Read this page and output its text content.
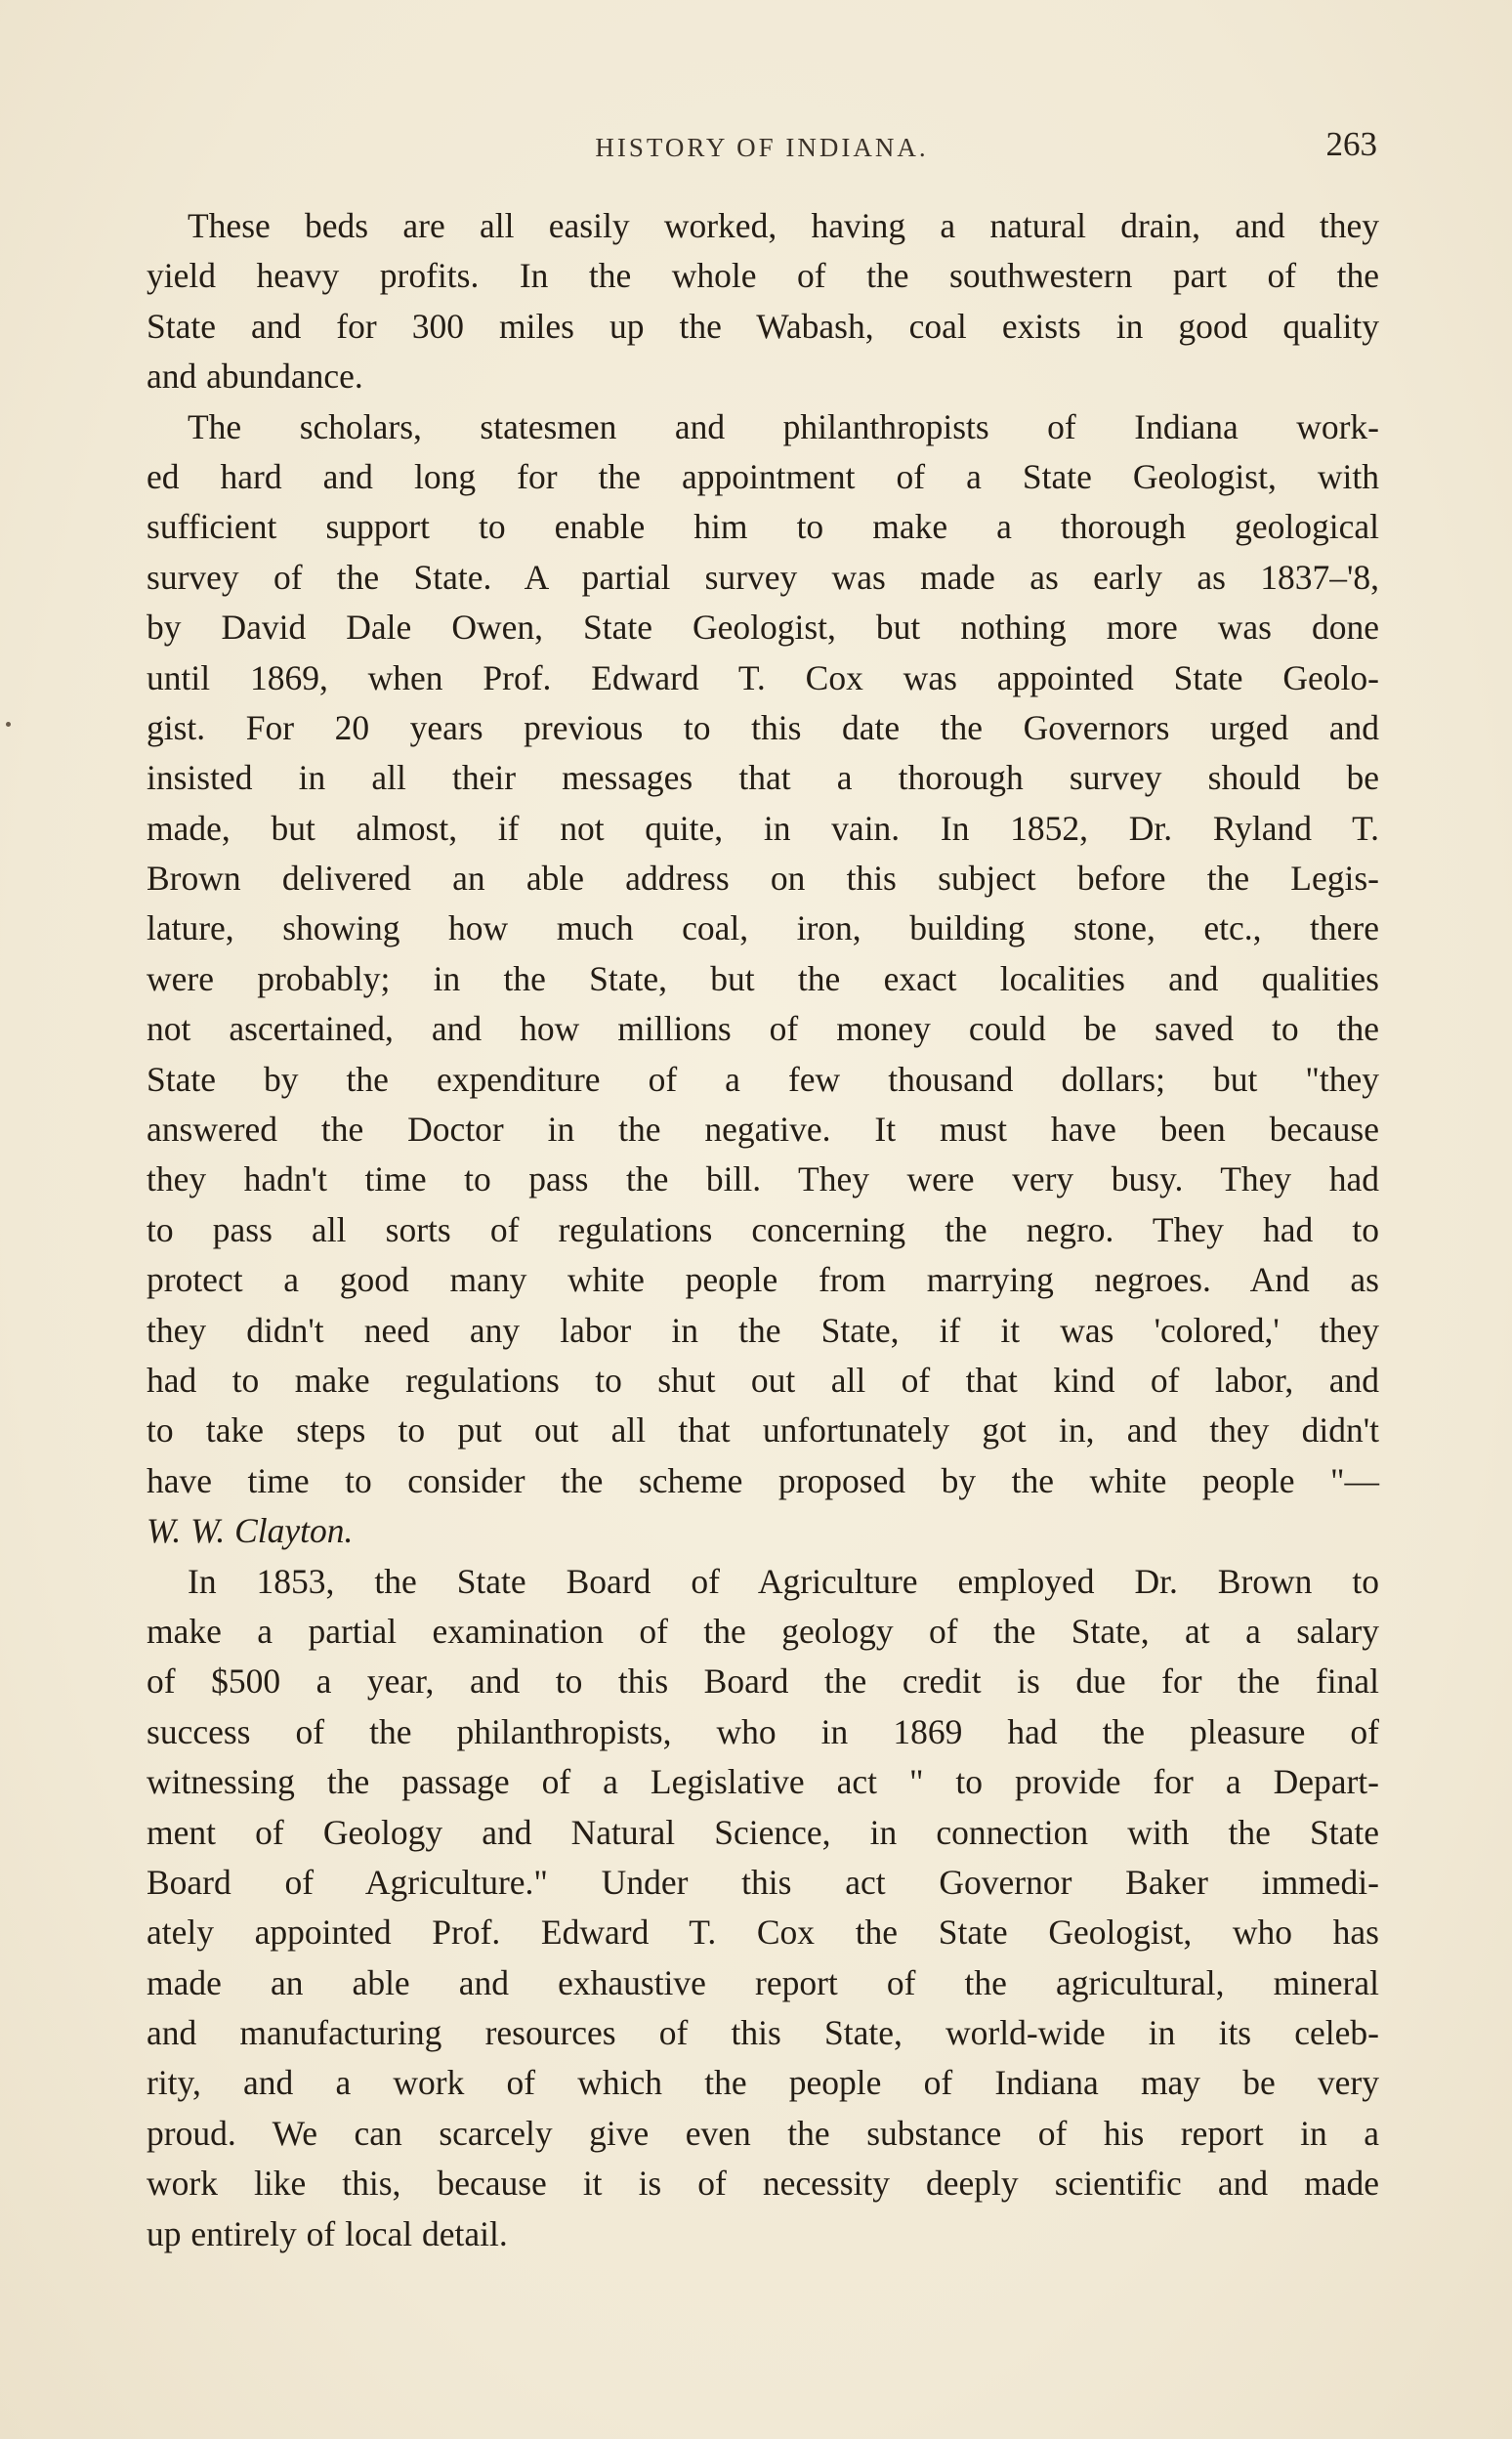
HISTORY OF INDIANA.	263
These beds are all easily worked, having a natural drain, and they
yield heavy profits. In the whole of the southwestern part of the
State and for 300 miles up the Wabash, coal exists in good quality
and abundance.
The scholars, statesmen and philanthropists of Indiana work-
ed hard and long for the appointment of a State Geologist, with
sufficient support to enable him to make a thorough geological
survey of the State. A partial survey was made as early as 1837–'8,
by David Dale Owen, State Geologist, but nothing more was done
until 1869, when Prof. Edward T. Cox was appointed State Geolo-
gist. For 20 years previous to this date the Governors urged and
insisted in all their messages that a thorough survey should be
made, but almost, if not quite, in vain. In 1852, Dr. Ryland T.
Brown delivered an able address on this subject before the Legis-
lature, showing how much coal, iron, building stone, etc., there
were probably; in the State, but the exact localities and qualities
not ascertained, and how millions of money could be saved to the
State by the expenditure of a few thousand dollars; but "they
answered the Doctor in the negative. It must have been because
they hadn't time to pass the bill. They were very busy. They had
to pass all sorts of regulations concerning the negro. They had to
protect a good many white people from marrying negroes. And as
they didn't need any labor in the State, if it was 'colored,' they
had to make regulations to shut out all of that kind of labor, and
to take steps to put out all that unfortunately got in, and they didn't
have time to consider the scheme proposed by the white people "—
W. W. Clayton.
In 1853, the State Board of Agriculture employed Dr. Brown to
make a partial examination of the geology of the State, at a salary
of $500 a year, and to this Board the credit is due for the final
success of the philanthropists, who in 1869 had the pleasure of
witnessing the passage of a Legislative act " to provide for a Depart-
ment of Geology and Natural Science, in connection with the State
Board of Agriculture." Under this act Governor Baker immedi-
ately appointed Prof. Edward T. Cox the State Geologist, who has
made an able and exhaustive report of the agricultural, mineral
and manufacturing resources of this State, world-wide in its celeb-
rity, and a work of which the people of Indiana may be very
proud. We can scarcely give even the substance of his report in a
work like this, because it is of necessity deeply scientific and made
up entirely of local detail.
